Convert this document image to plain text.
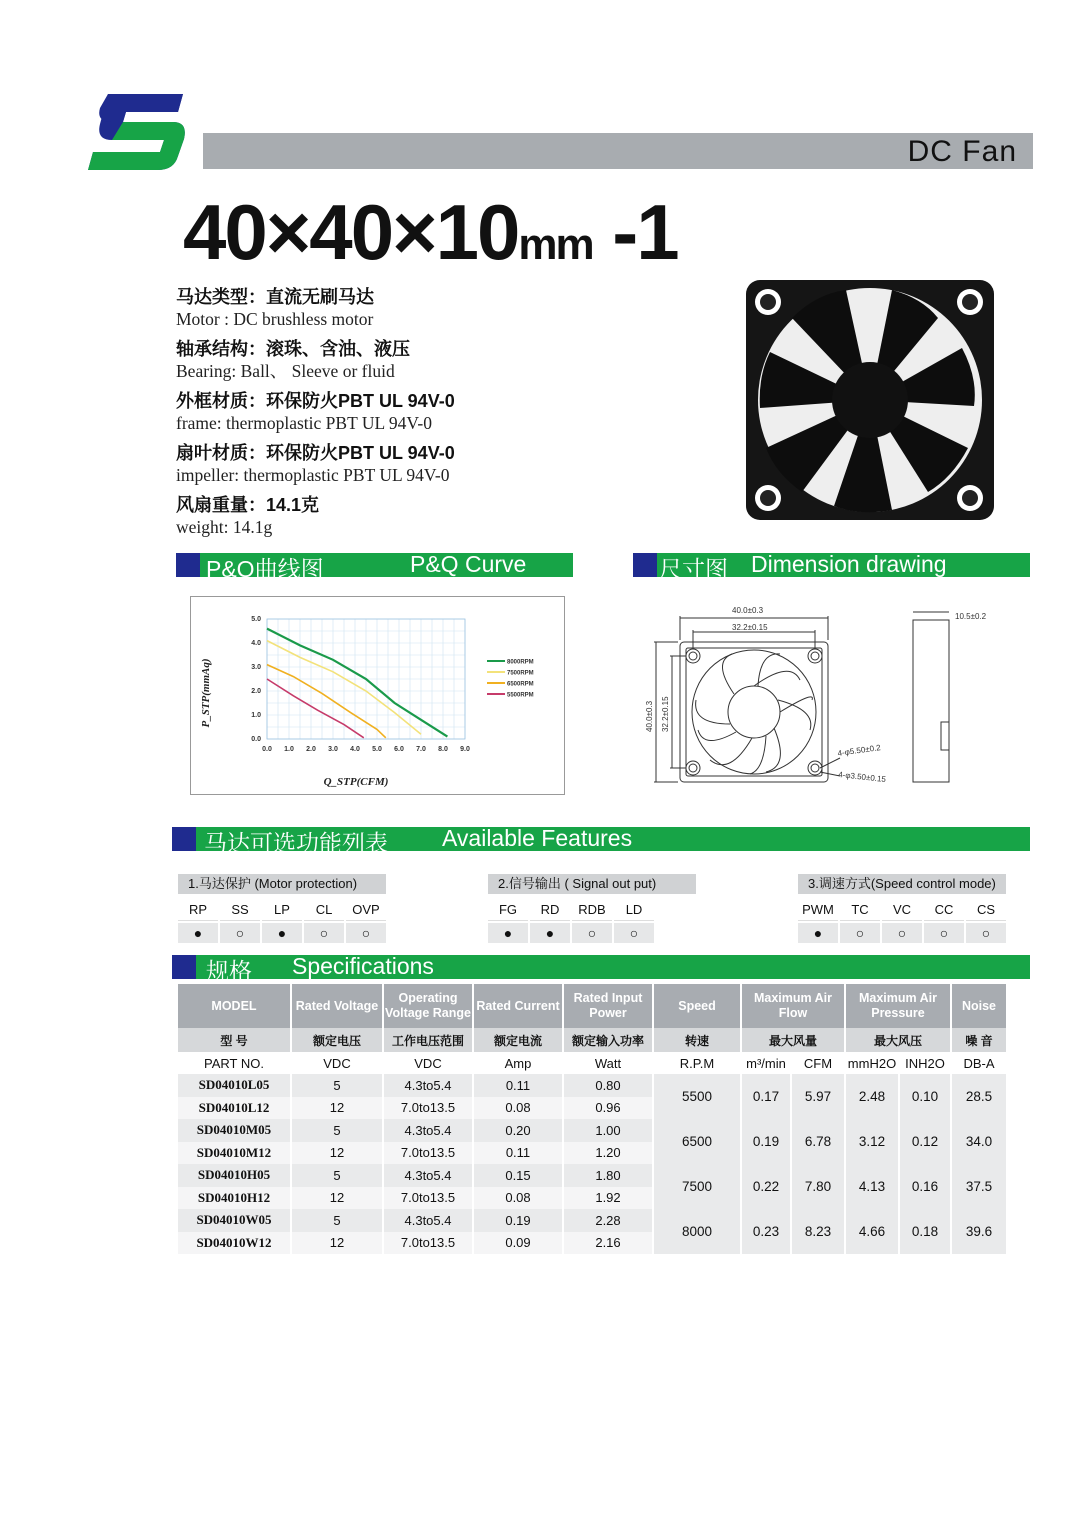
DC Fan
40×40×10mm -1
马达类型：直流无刷马达
Motor : DC brushless motor
轴承结构：滚珠、含油、液压
Bearing: Ball、 Sleeve or fluid
外框材质：环保防火PBT UL 94V-0
frame: thermoplastic PBT UL 94V-0
扇叶材质：环保防火PBT UL 94V-0
impeller: thermoplastic PBT UL 94V-0
风扇重量：14.1克
weight: 14.1g
P&Q曲线图	P&Q Curve	尺寸图 Dimension drawing
0.0 1.0 2.0 3.0 4.0 5.0 6.0 7.0 8.0 9.0
0.0
1.0
2.0
3.0
4.0
5.0
Q_STP(CFM)
P_STP(mmAq)	8000RPM
7500RPM
6500RPM
5500RPM
40.0±0.3
32.2±0.15
40.0±0.3 32.2±0.15
10.5±0.2
4-φ5.50±0.2
4-φ3.50±0.15
马达可选功能列表 Available Features
1.马达保护 (Motor protection)
RP	SS	LP	CL	OVP
●	○	●	○	○
2.信号输出 ( Signal out put)
FG	RD	RDB	LD
●	●	○	○
3.调速方式(Speed control mode)
PWM	TC	VC	CC	CS
●	○	○	○	○
规格 Specifications
MODEL	Rated Voltage	Operating Voltage Range	Rated Current	Rated Input Power	Speed	Maximum Air Flow		Maximum Air Pressure		Noise
型 号	额定电压	工作电压范围	额定电流	额定输入功率	转速	最大风量		最大风压		噪 音
PART NO.	VDC	VDC	Amp	Watt	R.P.M	m³/min	CFM	mmH2O	INH2O	DB-A
SD04010L05	5	4.3to5.4	0.11	0.80	5500	0.17	5.97	2.48	0.10	28.5
SD04010L12	12	7.0to13.5	0.08	0.96						
SD04010M05	5	4.3to5.4	0.20	1.00	6500	0.19	6.78	3.12	0.12	34.0
SD04010M12	12	7.0to13.5	0.11	1.20						
SD04010H05	5	4.3to5.4	0.15	1.80	7500	0.22	7.80	4.13	0.16	37.5
SD04010H12	12	7.0to13.5	0.08	1.92						
SD04010W05	5	4.3to5.4	0.19	2.28	8000	0.23	8.23	4.66	0.18	39.6
SD04010W12	12	7.0to13.5	0.09	2.16						
